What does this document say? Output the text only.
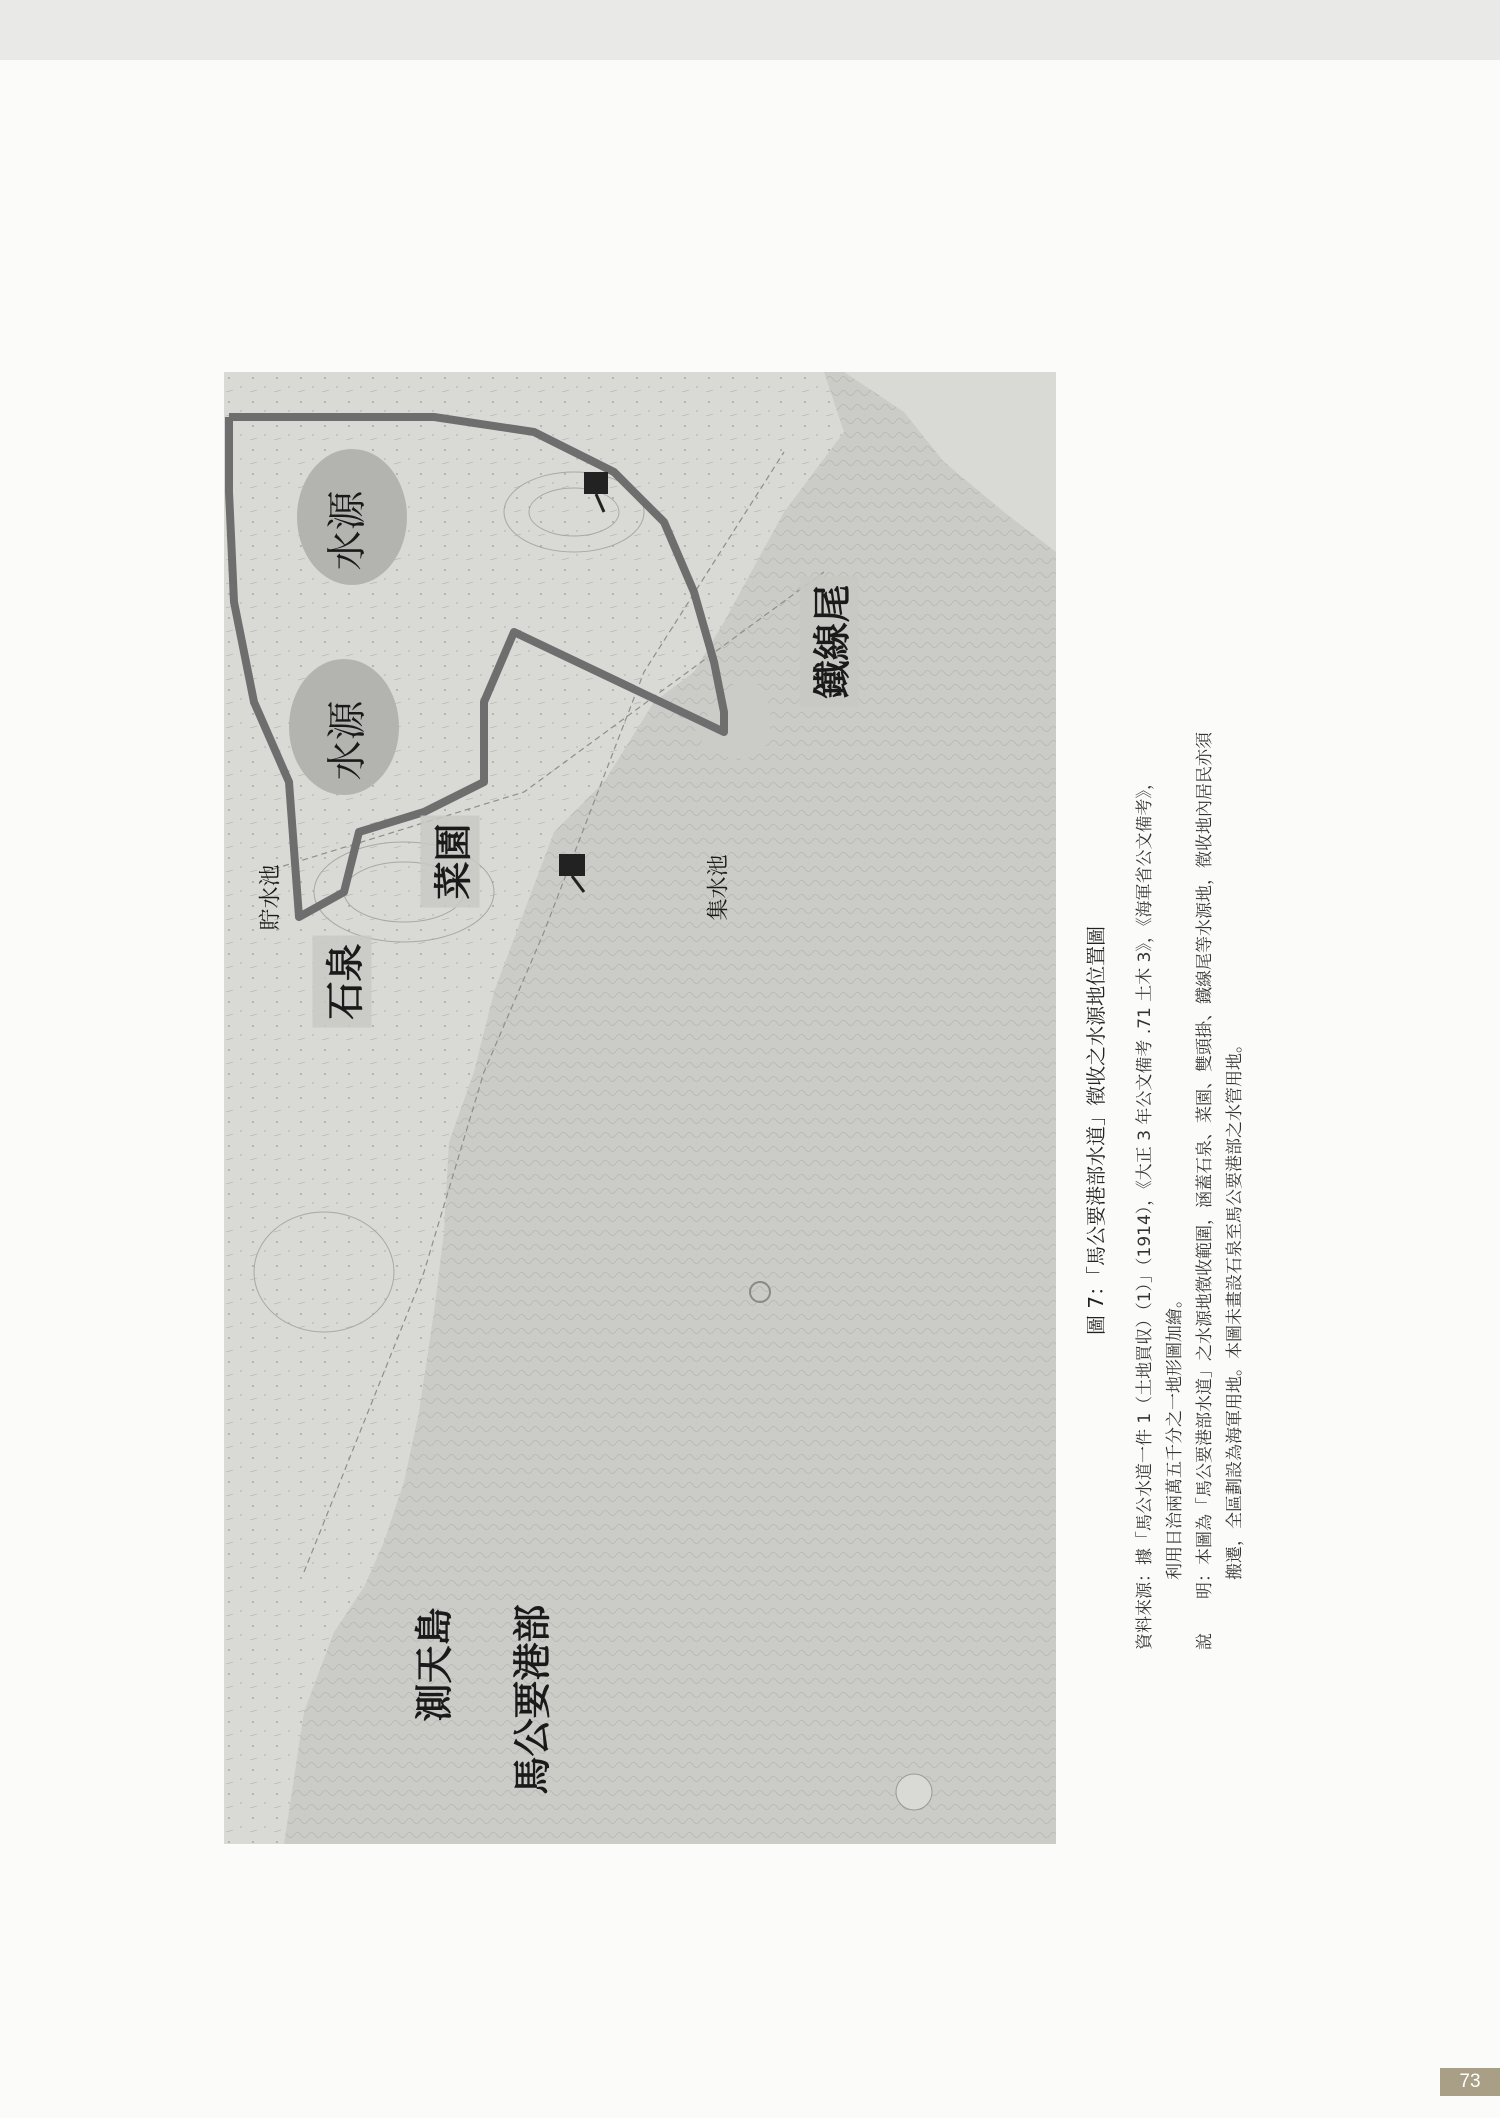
水源
水源
貯水池
石泉
菜園	集水池
鐵線尾
測天島 馬公要港部
圖 7：「馬公要港部水道」徵收之水源地位置圖 資料來源：據「馬公水道一件 1（土地買収）（1）」（1914），《大正 3 年公文備考 .71 土木 3》，《海軍省公文備考》， 利用日治兩萬五千分之一地形圖加繪。 說　　明：本圖為「馬公要港部水道」之水源地徵收範圍，涵蓋石泉、菜園、雙頭掛、鐵線尾等水源地，徵收地內居民亦須 搬遷，全區劃設為海軍用地。本圖未畫設石泉至馬公要港部之水管用地。
73
